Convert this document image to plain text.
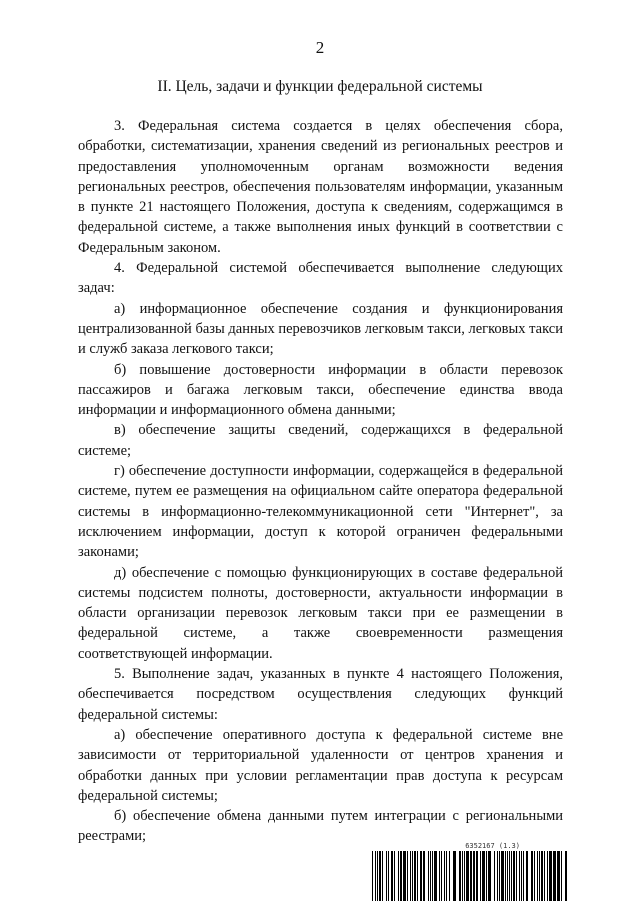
2
II. Цель, задачи и функции федеральной системы

3. Федеральная система создается в целях обеспечения сбора, обработки, систематизации, хранения сведений из региональных реестров и предоставления уполномоченным органам возможности ведения региональных реестров, обеспечения пользователям информации, указанным в пункте 21 настоящего Положения, доступа к сведениям, содержащимся в федеральной системе, а также выполнения иных функций в соответствии с Федеральным законом.

4. Федеральной системой обеспечивается выполнение следующих задач:

а) информационное обеспечение создания и функционирования централизованной базы данных перевозчиков легковым такси, легковых такси и служб заказа легкового такси;

б) повышение достоверности информации в области перевозок пассажиров и багажа легковым такси, обеспечение единства ввода информации и информационного обмена данными;

в) обеспечение защиты сведений, содержащихся в федеральной системе;

г) обеспечение доступности информации, содержащейся в федеральной системе, путем ее размещения на официальном сайте оператора федеральной системы в информационно-телекоммуникационной сети "Интернет", за исключением информации, доступ к которой ограничен федеральными законами;

д) обеспечение с помощью функционирующих в составе федеральной системы подсистем полноты, достоверности, актуальности информации в области организации перевозок легковым такси при ее размещении в федеральной системе, а также своевременности размещения соответствующей информации.

5. Выполнение задач, указанных в пункте 4 настоящего Положения, обеспечивается посредством осуществления следующих функций федеральной системы:

а) обеспечение оперативного доступа к федеральной системе вне зависимости от территориальной удаленности от центров хранения и обработки данных при условии регламентации прав доступа к ресурсам федеральной системы;

б) обеспечение обмена данными путем интеграции с региональными реестрами;

6352167 (1.3)
